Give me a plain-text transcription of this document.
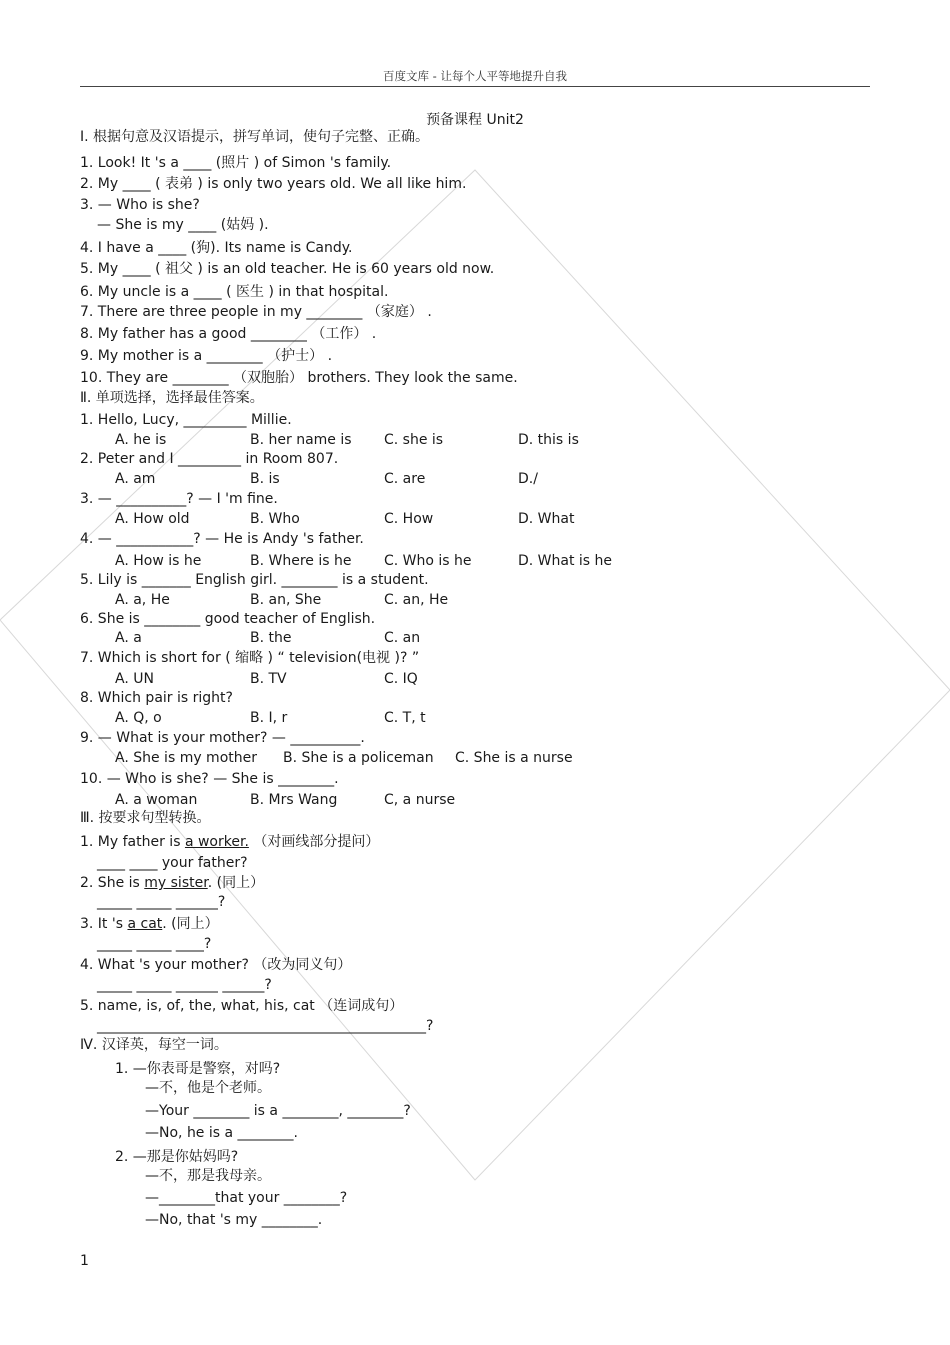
百度文库 - 让每个人平等地提升自我
预备课程 Unit2
Ⅰ. 根据句意及汉语提示，拼写单词，使句子完整、正确。
1. Look! It 's a ____ (照片 ) of Simon 's family.
2. My ____ ( 表弟 ) is only two years old. We all like him.
3. — Who is she?
— She is my ____ (姑妈 ).
4. I have a ____ (狗). Its name is Candy.
5. My ____ ( 祖父 ) is an old teacher. He is 60 years old now.
6. My uncle is a ____ ( 医生 ) in that hospital.
7. There are three people in my ________ （家庭） .
8. My father has a good ________ （工作） .
9. My mother is a ________ （护士） .
10. They are ________ （双胞胎） brothers. They look the same.
Ⅱ. 单项选择，选择最佳答案。
1. Hello, Lucy, _________ Millie.
A. he is	B. her name is C. she is	D. this is
2. Peter and I _________ in Room 807.
A. am	B. is	C. are	D./
3. — __________? — I 'm fine.
A. How old	B. Who	C. How	D. What
4. — ___________? — He is Andy 's father.
A. How is he	B. Where is he C. Who is he	D. What is he
5. Lily is _______ English girl. ________ is a student.
A. a, He	B. an, She	C. an, He
6. She is ________ good teacher of English.
A. a	B. the	C. an
7. Which is short for ( 缩略 ) “ television(电视 )? ”
A. UN	B. TV	C. IQ
8. Which pair is right?
A. Q, o	B. I, r	C. T, t
9. — What is your mother? — __________.
A. She is my mother B. She is a policeman C. She is a nurse
10. — Who is she? — She is ________.
A. a woman	B. Mrs Wang	C, a nurse
Ⅲ. 按要求句型转换。
1. My father is a worker. （对画线部分提问）
____ ____ your father?
2. She is my sister. (同上）
_____ _____ ______?
3. It 's a cat. (同上）
_____ _____ ____?
4. What 's your mother? （改为同义句）
_____ _____ ______ ______?
5. name, is, of, the, what, his, cat （连词成句）
_______________________________________________?
Ⅳ. 汉译英，每空一词。
1. —你表哥是警察，对吗?
—不，他是个老师。
—Your ________ is a ________, ________?
—No, he is a ________.
2. —那是你姑妈吗?
—不，那是我母亲。
—________that your ________?
—No, that 's my ________.
1
